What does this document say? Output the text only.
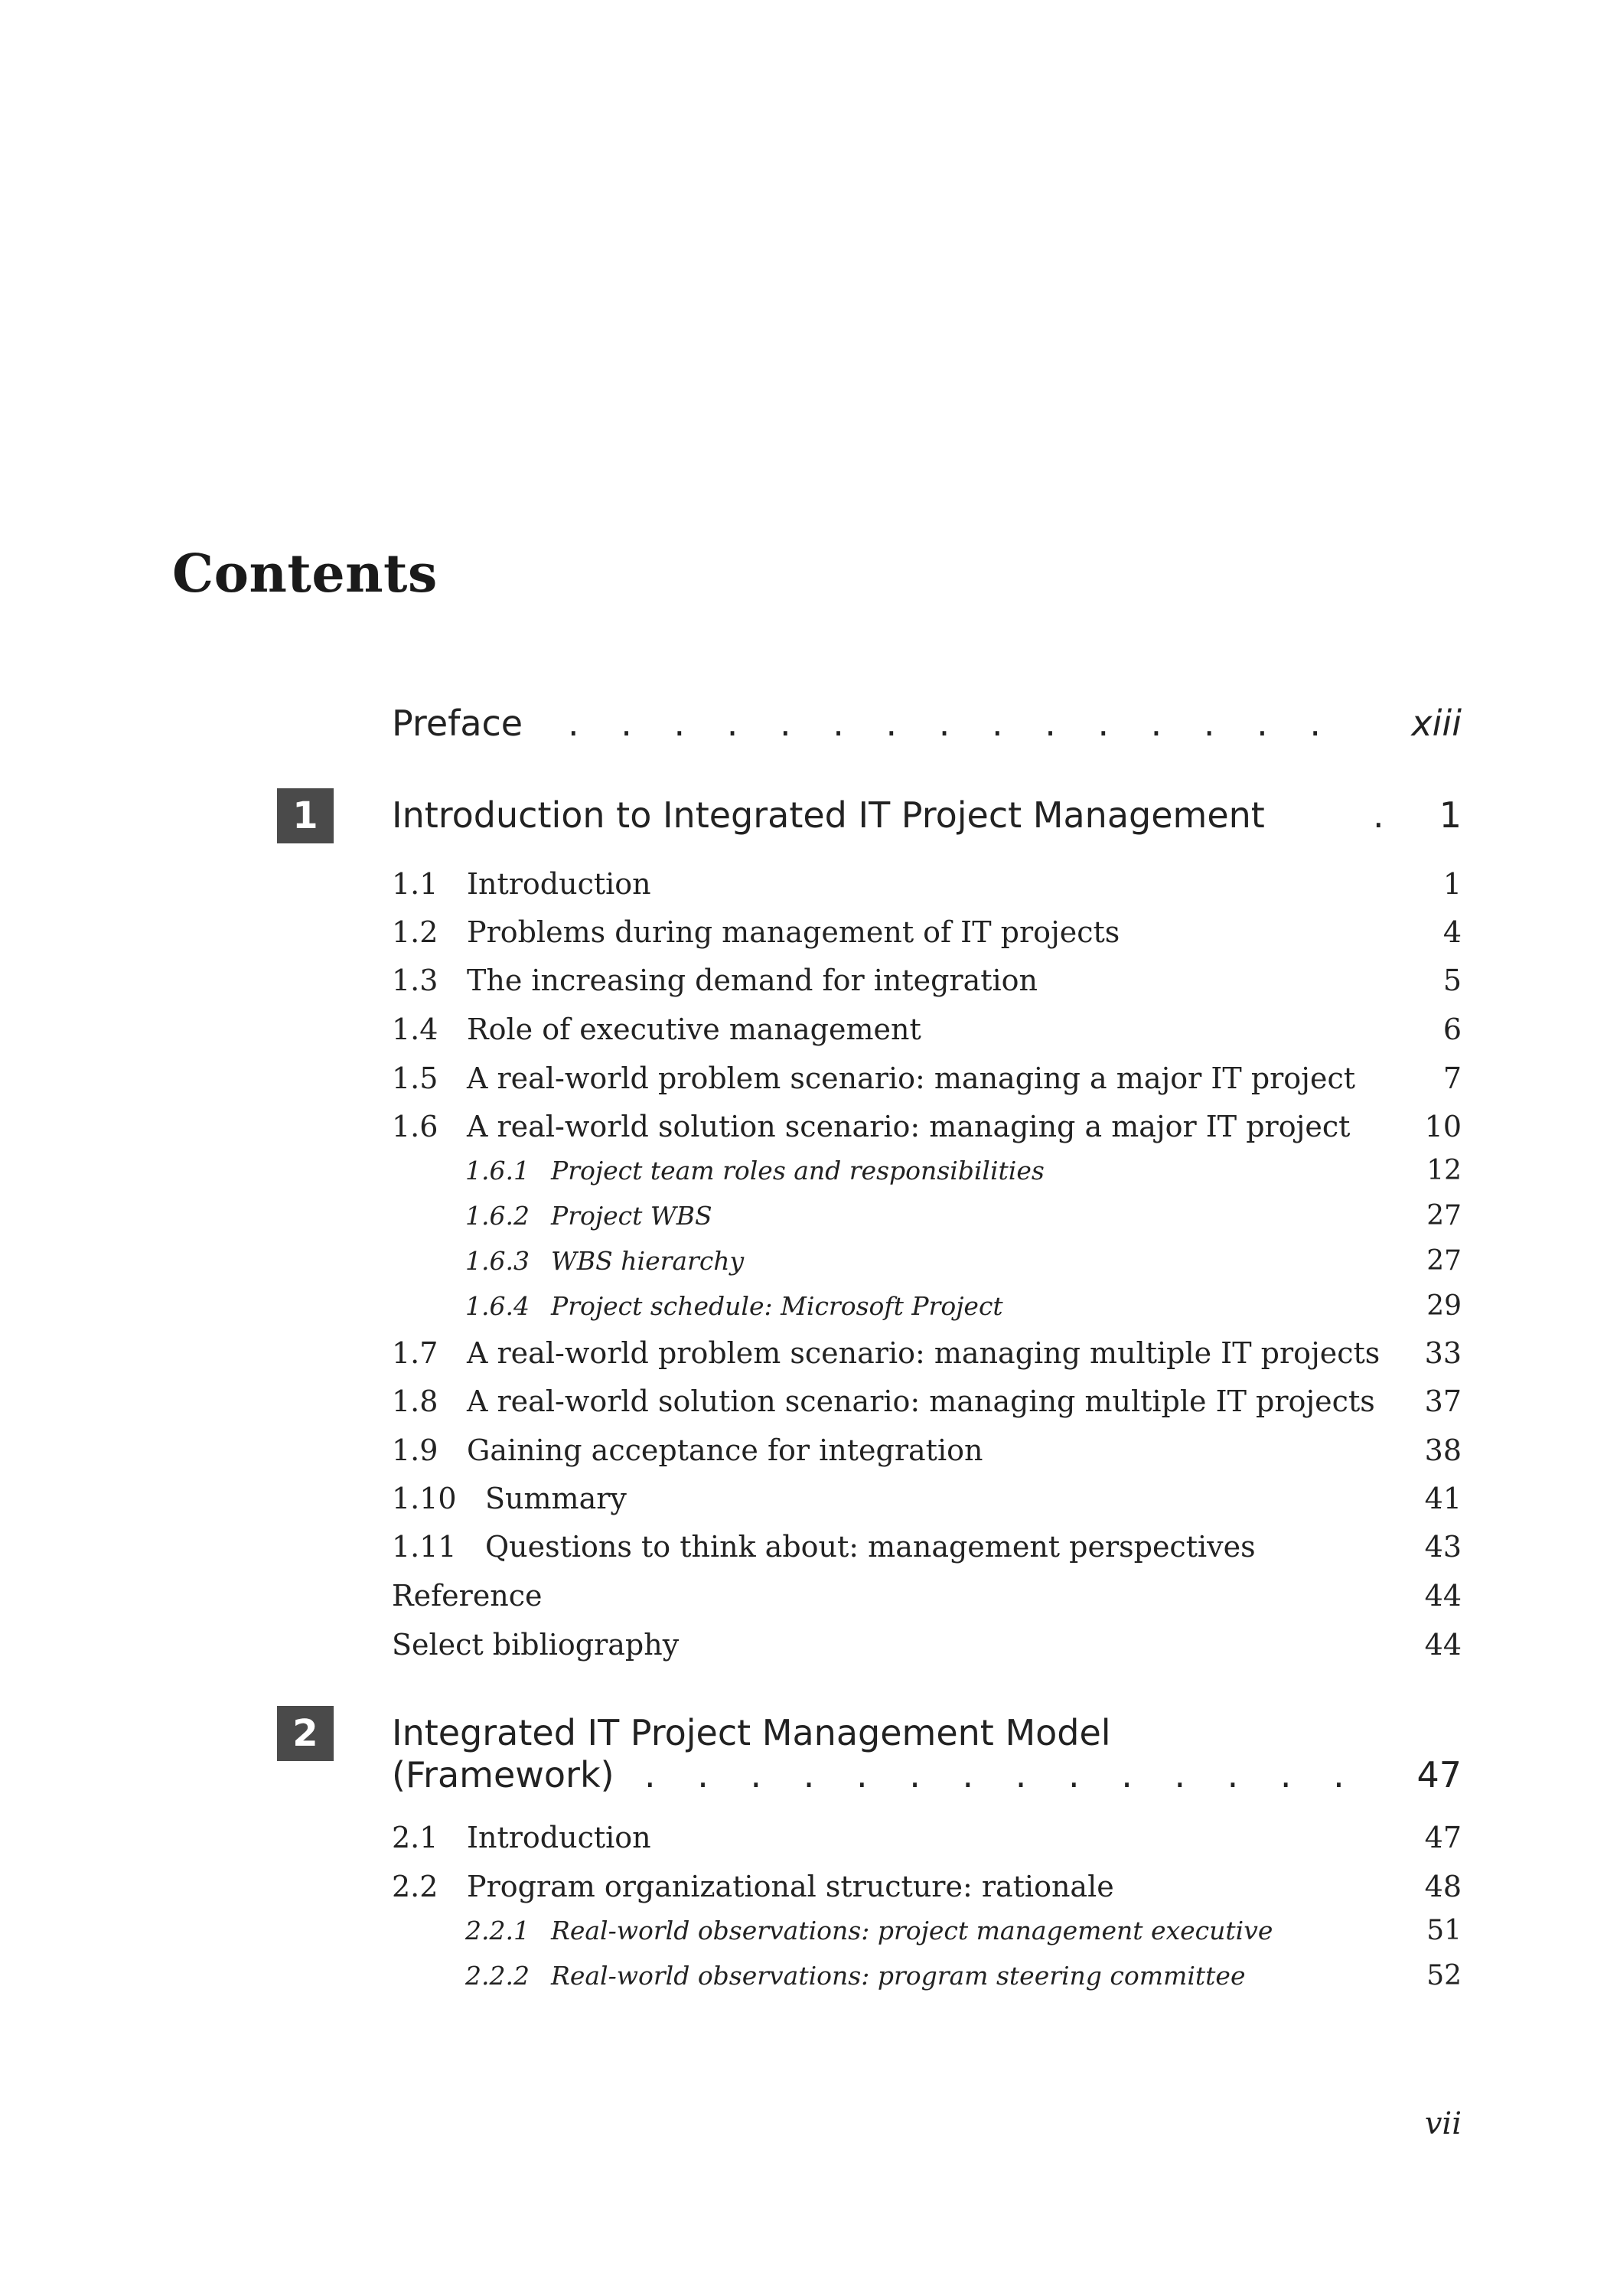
Contents
Preface . . . . . . . . . . . . . . . xiii
1	Introduction to Integrated IT Project Management	. 1
1.1 Introduction	1
1.2 Problems during management of IT projects	4
1.3 The increasing demand for integration	5
1.4 Role of executive management	6
1.5 A real-world problem scenario: managing a major IT project	7
1.6 A real-world solution scenario: managing a major IT project	10
1.6.1 Project team roles and responsibilities	12
1.6.2 Project WBS	27
1.6.3 WBS hierarchy	27
1.6.4 Project schedule: Microsoft Project	29
1.7 A real-world problem scenario: managing multiple IT projects 33
1.8 A real-world solution scenario: managing multiple IT projects 37
1.9 Gaining acceptance for integration	38
1.10 Summary	41
1.11 Questions to think about: management perspectives	43
Reference	44
Select bibliography	44
2	Integrated IT Project Management Model
(Framework) . . . . . . . . . . . . . . 47
2.1 Introduction	47
2.2 Program organizational structure: rationale	48
2.2.1 Real-world observations: project management executive	51
2.2.2 Real-world observations: program steering committee	52
vii
